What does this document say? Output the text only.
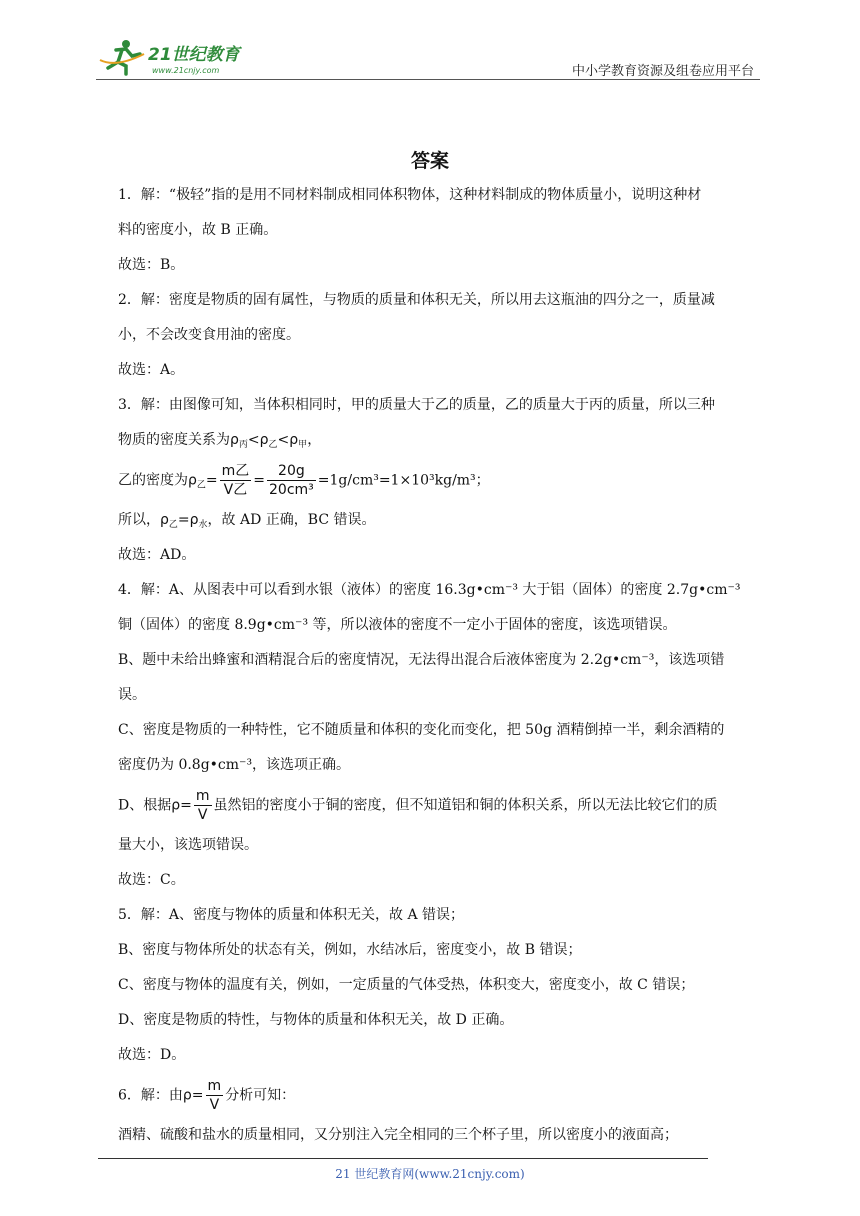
21世纪教育
www.21cnjy.com	中小学教育资源及组卷应用平台
答案

1．解：“极轻”指的是用不同材料制成相同体积物体，这种材料制成的物体质量小，说明这种材

料的密度小，故 B 正确。

故选：B。

2．解：密度是物质的固有属性，与物质的质量和体积无关，所以用去这瓶油的四分之一，质量减

小，不会改变食用油的密度。

故选：A。

3．解：由图像可知，当体积相同时，甲的质量大于乙的质量，乙的质量大于丙的质量，所以三种

物质的密度关系为$\rho_丙<\rho_乙<\rho_甲$，

乙的密度为$\rho_乙= \frac{\text{m乙}}{\text{V乙}} = \frac{20g}{\text{20cm³}} =1g/cm^3=1\times 10^3kg/m^3$；

所以，$\rho_乙=\rho_水$，故 AD 正确，BC 错误。

故选：AD。

4．解：A、从图表中可以看到水银（液体）的密度 16.3g•cm⁻³ 大于铝（固体）的密度 2.7g•cm⁻³

铜（固体）的密度 8.9g•cm⁻³ 等，所以液体的密度不一定小于固体的密度，该选项错误。

B、题中未给出蜂蜜和酒精混合后的密度情况，无法得出混合后液体密度为 2.2g•cm⁻³，该选项错

误。

C、密度是物质的一种特性，它不随质量和体积的变化而变化，把 50g 酒精倒掉一半，剩余酒精的

密度仍为 0.8g•cm⁻³，该选项正确。

D、根据$\rho= \frac{m}{V}$ 虽然铝的密度小于铜的密度，但不知道铝和铜的体积关系，所以无法比较它们的质

量大小，该选项错误。

故选：C。

5．解：A、密度与物体的质量和体积无关，故 A 错误；

B、密度与物体所处的状态有关，例如，水结冰后，密度变小，故 B 错误；

C、密度与物体的温度有关，例如，一定质量的气体受热，体积变大，密度变小，故 C 错误；

D、密度是物质的特性，与物体的质量和体积无关，故 D 正确。

故选：D。

6．解：由$\rho= \frac{m}{V}$ 分析可知：

酒精、硫酸和盐水的质量相同，又分别注入完全相同的三个杯子里，所以密度小的液面高；

21 世纪教育网(www.21cnjy.com)
